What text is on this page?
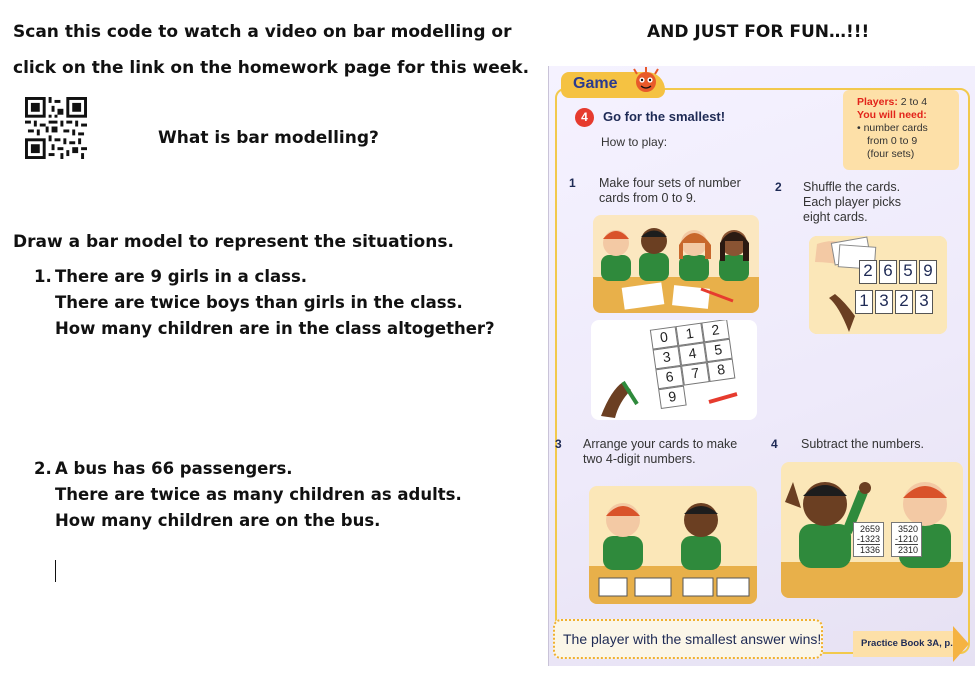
Scan this code to watch a video on bar modelling or
click on the link on the homework page for this week.
What is bar modelling?
Draw a bar model to represent the situations.
1. There are 9 girls in a class.
There are twice boys than girls in the class.
How many children are in the class altogether?
2. A bus has 66 passengers.
There are twice as many children as adults.
How many children are on the bus.
AND JUST FOR FUN…!!!
Game
4	Go for the smallest!
How to play:
Players: 2 to 4
You will need:
• number cards
from 0 to 9
(four sets)
1 Make four sets of number
cards from 0 to 9.
2 Shuffle the cards.
Each player picks
eight cards.
2 6 5 9
1 3 2 3
0	1	2
3	4	5
6	7	8
9
3 Arrange your cards to make
two 4-digit numbers.
4 Subtract the numbers.
2659
-1323
1336
3520
-1210
2310
The player with the smallest answer wins!	Practice Book 3A, p.51
